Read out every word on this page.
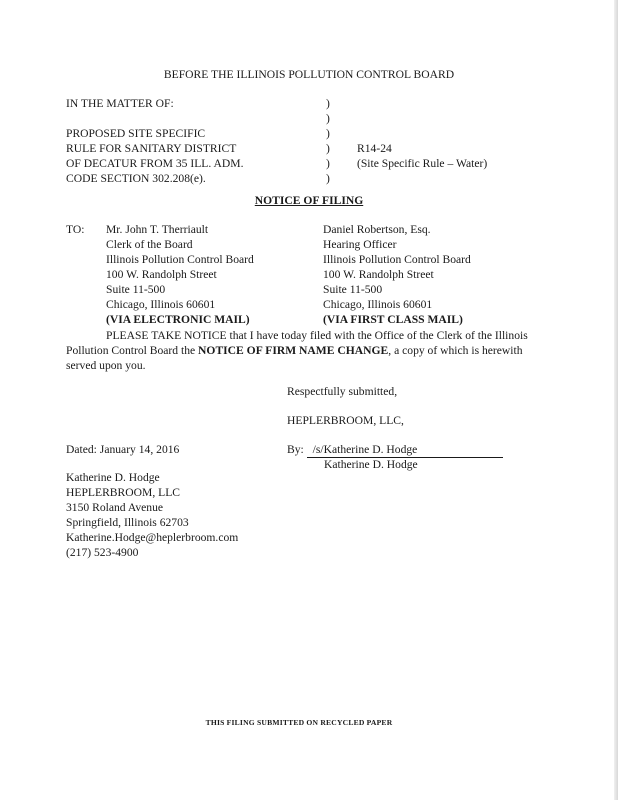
BEFORE THE ILLINOIS POLLUTION CONTROL BOARD
IN THE MATTER OF:
PROPOSED SITE SPECIFIC
RULE FOR SANITARY DISTRICT
OF DECATUR FROM 35 ILL. ADM.
CODE SECTION 302.208(e).
)
)
)
)
)
)
R14-24
(Site Specific Rule – Water)
NOTICE OF FILING
TO: Mr. John T. Therriault
Clerk of the Board
Illinois Pollution Control Board
100 W. Randolph Street
Suite 11-500
Chicago, Illinois 60601
(VIA ELECTRONIC MAIL)
Daniel Robertson, Esq.
Hearing Officer
Illinois Pollution Control Board
100 W. Randolph Street
Suite 11-500
Chicago, Illinois 60601
(VIA FIRST CLASS MAIL)
PLEASE TAKE NOTICE that I have today filed with the Office of the Clerk of the Illinois Pollution Control Board the NOTICE OF FIRM NAME CHANGE, a copy of which is herewith served upon you.
Respectfully submitted,
HEPLERBROOM, LLC,
Dated: January 14, 2016	By: /s/Katherine D. Hodge
Katherine D. Hodge
Katherine D. Hodge
HEPLERBROOM, LLC
3150 Roland Avenue
Springfield, Illinois 62703
Katherine.Hodge@heplerbroom.com
(217) 523-4900
THIS FILING SUBMITTED ON RECYCLED PAPER
